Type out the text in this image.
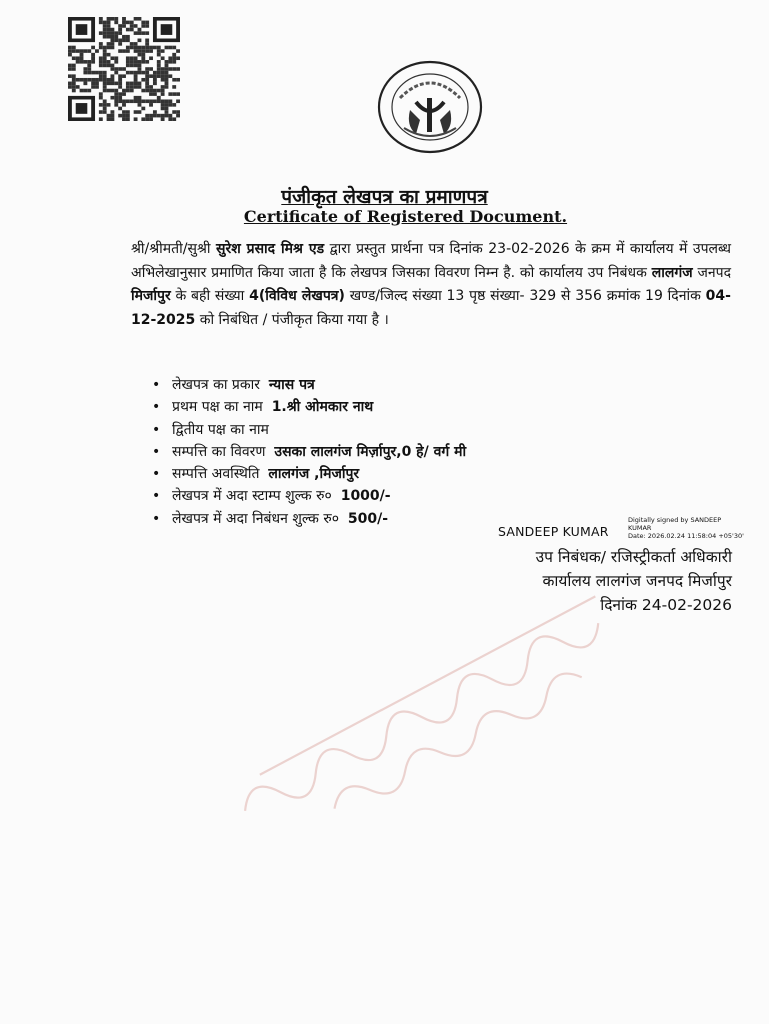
पंजीकृत लेखपत्र का प्रमाणपत्र
Certificate of Registered Document.
श्री/श्रीमती/सुश्री सुरेश प्रसाद मिश्र एड द्वारा प्रस्तुत प्रार्थना पत्र दिनांक 23-02-2026 के क्रम में कार्यालय में उपलब्ध अभिलेखानुसार प्रमाणित किया जाता है कि लेखपत्र जिसका विवरण निम्न है. को कार्यालय उप निबंधक लालगंज जनपद मिर्जापुर के बही संख्या 4(विविध लेखपत्र) खण्ड/जिल्द संख्या 13 पृष्ठ संख्या- 329 से 356 क्रमांक 19 दिनांक 04-12-2025 को निबंधित / पंजीकृत किया गया है ।
• लेखपत्र का प्रकार न्यास पत्र
• प्रथम पक्ष का नाम 1.श्री ओमकार नाथ
• द्वितीय पक्ष का नाम
• सम्पत्ति का विवरण उसका लालगंज मिर्ज़ापुर,0 हे/ वर्ग मी
• सम्पत्ति अवस्थिति लालगंज ,मिर्जापुर
• लेखपत्र में अदा स्टाम्प शुल्क रु० 1000/-
• लेखपत्र में अदा निबंधन शुल्क रु० 500/-
SANDEEP KUMAR
Digitally signed by SANDEEP
KUMAR
Date: 2026.02.24 11:58:04 +05'30'
उप निबंधक/ रजिस्ट्रीकर्ता अधिकारी
कार्यालय लालगंज जनपद मिर्जापुर
दिनांक 24-02-2026
